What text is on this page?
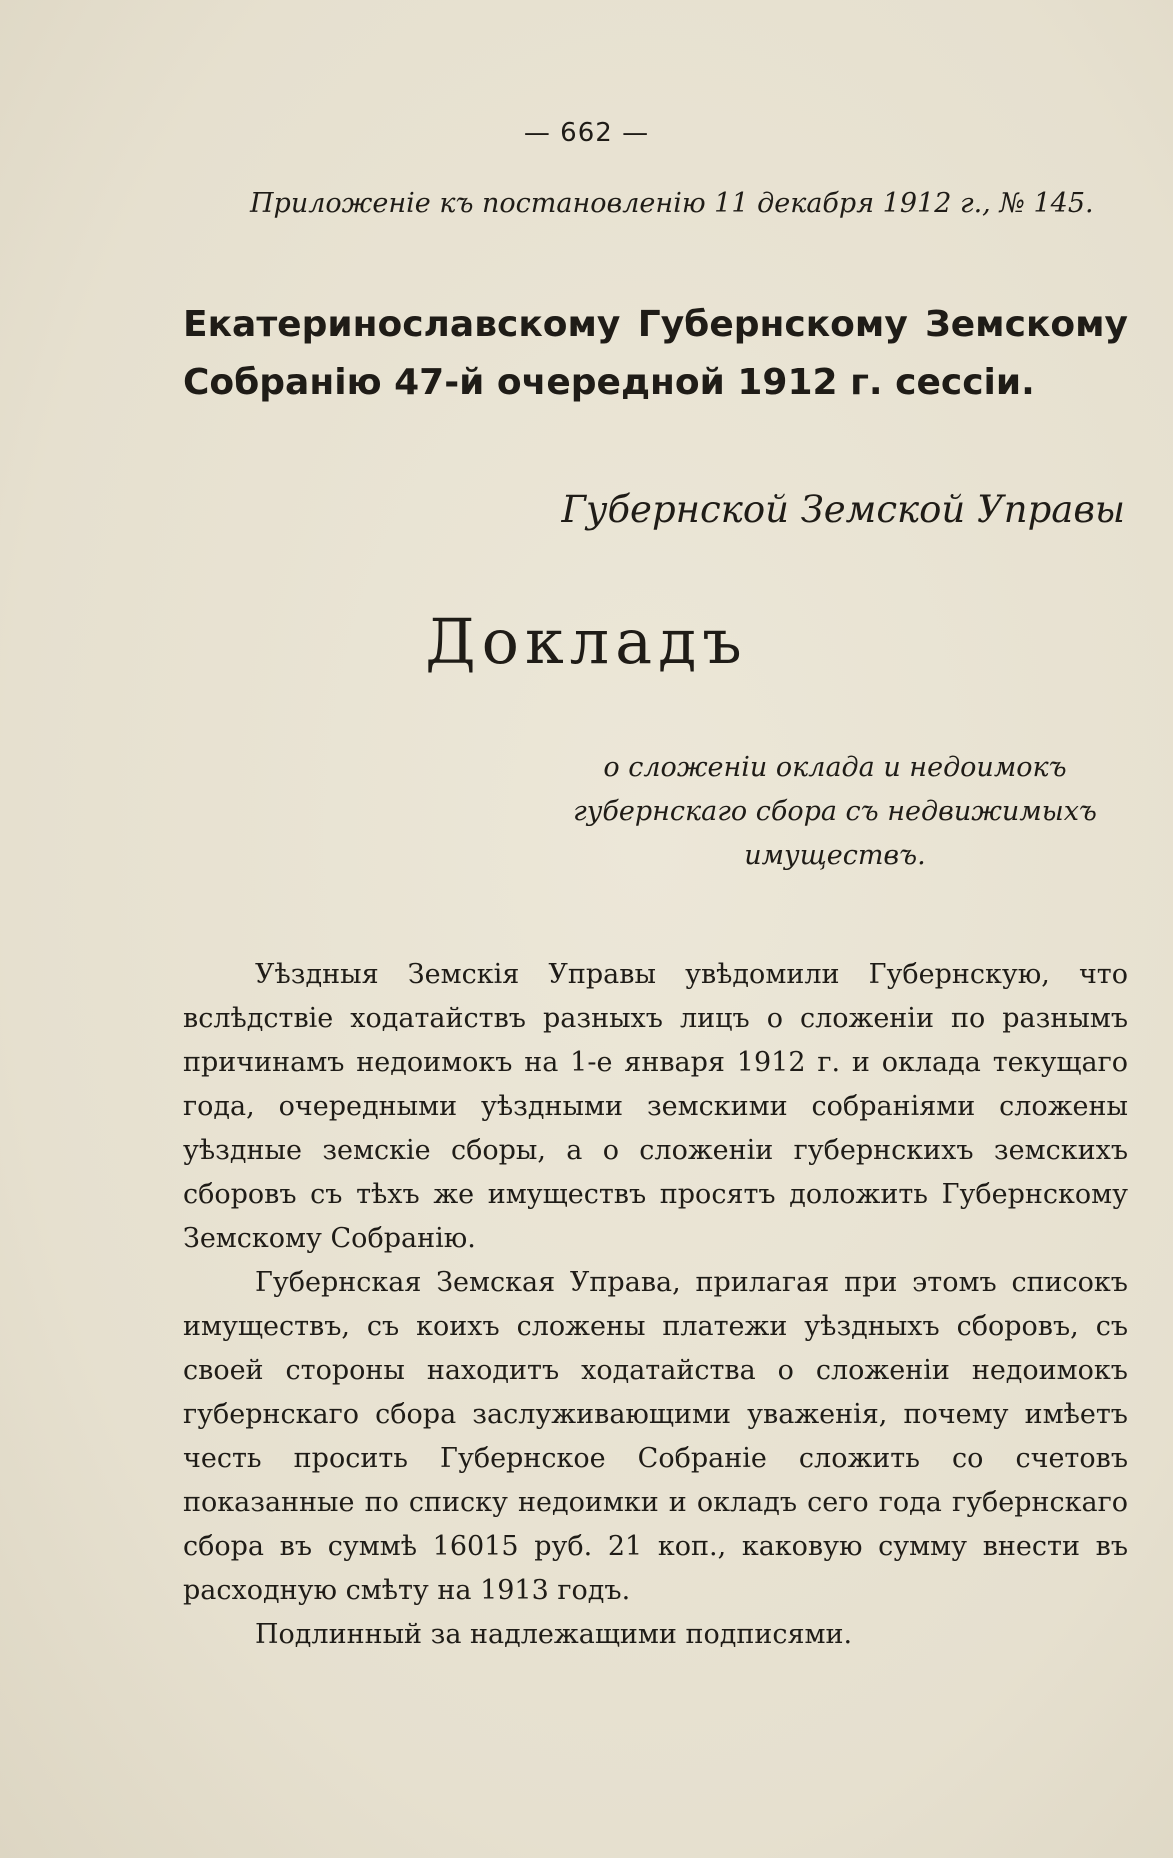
— 662 —
Приложенiе къ постановленiю 11 декабря 1912 г., № 145.
Екатеринославскому Губернскому Земскому Собранiю 47-й очередной 1912 г. сессiи.
Губернской Земской Управы
Докладъ
о сложенiи оклада и недоимокъ губернскаго сбора съ недвижимыхъ имуществъ.

Уѣздныя Земскiя Управы увѣдомили Губернскую, что вслѣдствiе ходатайствъ разныхъ лицъ о сложенiи по разнымъ причинамъ недоимокъ на 1-е января 1912 г. и оклада текущаго года, очередными уѣздными земскими собранiями сложены уѣздные земскiе сборы, а о сложенiи губернскихъ земскихъ сборовъ съ тѣхъ же имуществъ просятъ доложить Губернскому Земскому Собранiю.

Губернская Земская Управа, прилагая при этомъ списокъ имуществъ, съ коихъ сложены платежи уѣздныхъ сборовъ, съ своей стороны находитъ ходатайства о сложенiи недоимокъ губернскаго сбора заслуживающими уваженiя, почему имѣетъ честь просить Губернское Собранiе сложить со счетовъ показанные по списку недоимки и окладъ сего года губернскаго сбора въ суммѣ 16015 руб. 21 коп., каковую сумму внести въ расходную смѣту на 1913 годъ.

Подлинный за надлежащими подписями.
